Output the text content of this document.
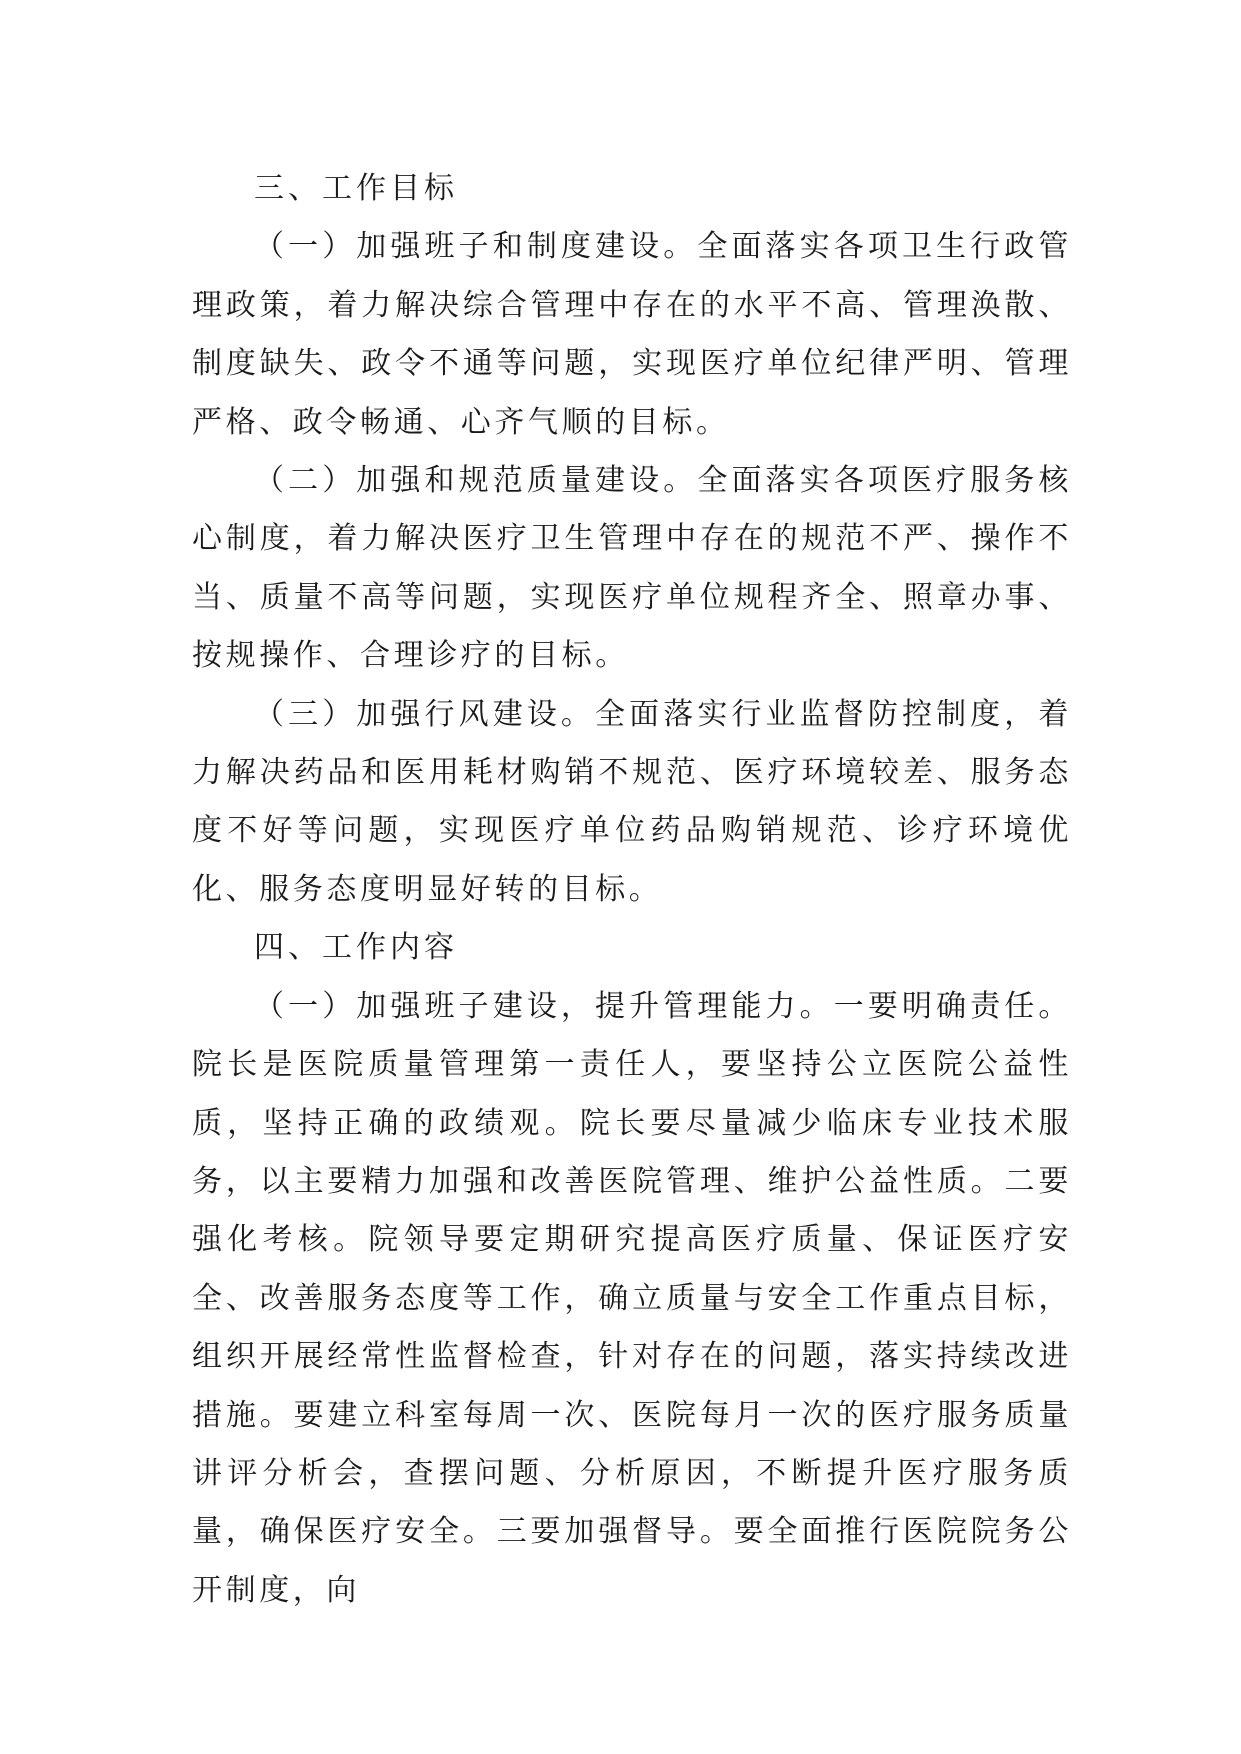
三、工作目标

（一）加强班子和制度建设。全面落实各项卫生行政管理政策，着力解决综合管理中存在的水平不高、管理涣散、制度缺失、政令不通等问题，实现医疗单位纪律严明、管理严格、政令畅通、心齐气顺的目标。

（二）加强和规范质量建设。全面落实各项医疗服务核心制度，着力解决医疗卫生管理中存在的规范不严、操作不当、质量不高等问题，实现医疗单位规程齐全、照章办事、按规操作、合理诊疗的目标。

（三）加强行风建设。全面落实行业监督防控制度，着力解决药品和医用耗材购销不规范、医疗环境较差、服务态度不好等问题，实现医疗单位药品购销规范、诊疗环境优化、服务态度明显好转的目标。

四、工作内容

（一）加强班子建设，提升管理能力。一要明确责任。院长是医院质量管理第一责任人，要坚持公立医院公益性质，坚持正确的政绩观。院长要尽量减少临床专业技术服务，以主要精力加强和改善医院管理、维护公益性质。二要强化考核。院领导要定期研究提高医疗质量、保证医疗安全、改善服务态度等工作，确立质量与安全工作重点目标，组织开展经常性监督检查，针对存在的问题，落实持续改进措施。要建立科室每周一次、医院每月一次的医疗服务质量讲评分析会，查摆问题、分析原因，不断提升医疗服务质量，确保医疗安全。三要加强督导。要全面推行医院院务公开制度，向
